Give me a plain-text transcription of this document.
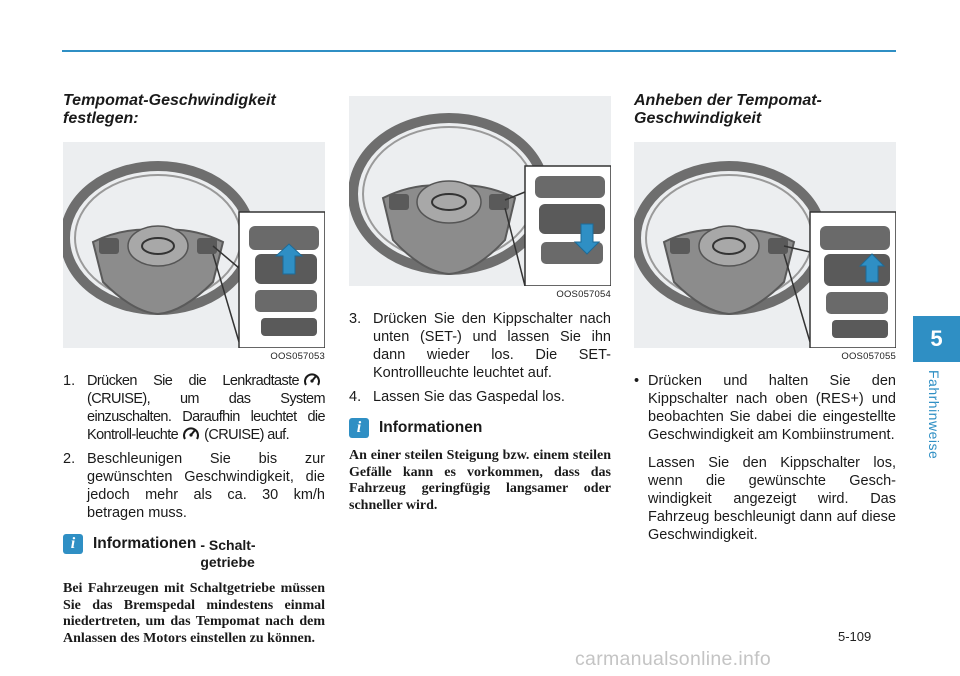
Tempomat-Geschwindigkeit
festlegen:
OOS057053
1. Drücken Sie die Lenkradtaste (CRUISE), um das System einzuschalten. Daraufhin leuchtet die Kontroll-leuchte (CRUISE) auf.
2. Beschleunigen Sie bis zur gewünschten Geschwindigkeit, die jedoch mehr als ca. 30 km/h betragen muss.
i	Informationen - Schalt-
getriebe

Bei Fahrzeugen mit Schaltgetriebe müssen Sie das Bremspedal mindestens einmal niedertreten, um das Tempomat nach dem Anlassen des Motors einstellen zu können.

OOS057054
3. Drücken Sie den Kippschalter nach unten (SET-) und lassen Sie ihn dann wieder los. Die SET-Kontrollleuchte leuchtet auf.
4. Lassen Sie das Gaspedal los.
i	Informationen

An einer steilen Steigung bzw. einem steilen Gefälle kann es vorkommen, dass das Fahrzeug geringfügig langsamer oder schneller wird.

Anheben der Tempomat-
Geschwindigkeit
OOS057055
• Drücken und halten Sie den Kippschalter nach oben (RES+) und beobachten Sie dabei die eingestellte Geschwindigkeit am Kombiinstrument.

Lassen Sie den Kippschalter los, wenn die gewünschte Gesch-windigkeit angezeigt wird. Das Fahrzeug beschleunigt dann auf diese Geschwindigkeit.

5
Fahrhinweise
5-109
carmanualsonline.info
